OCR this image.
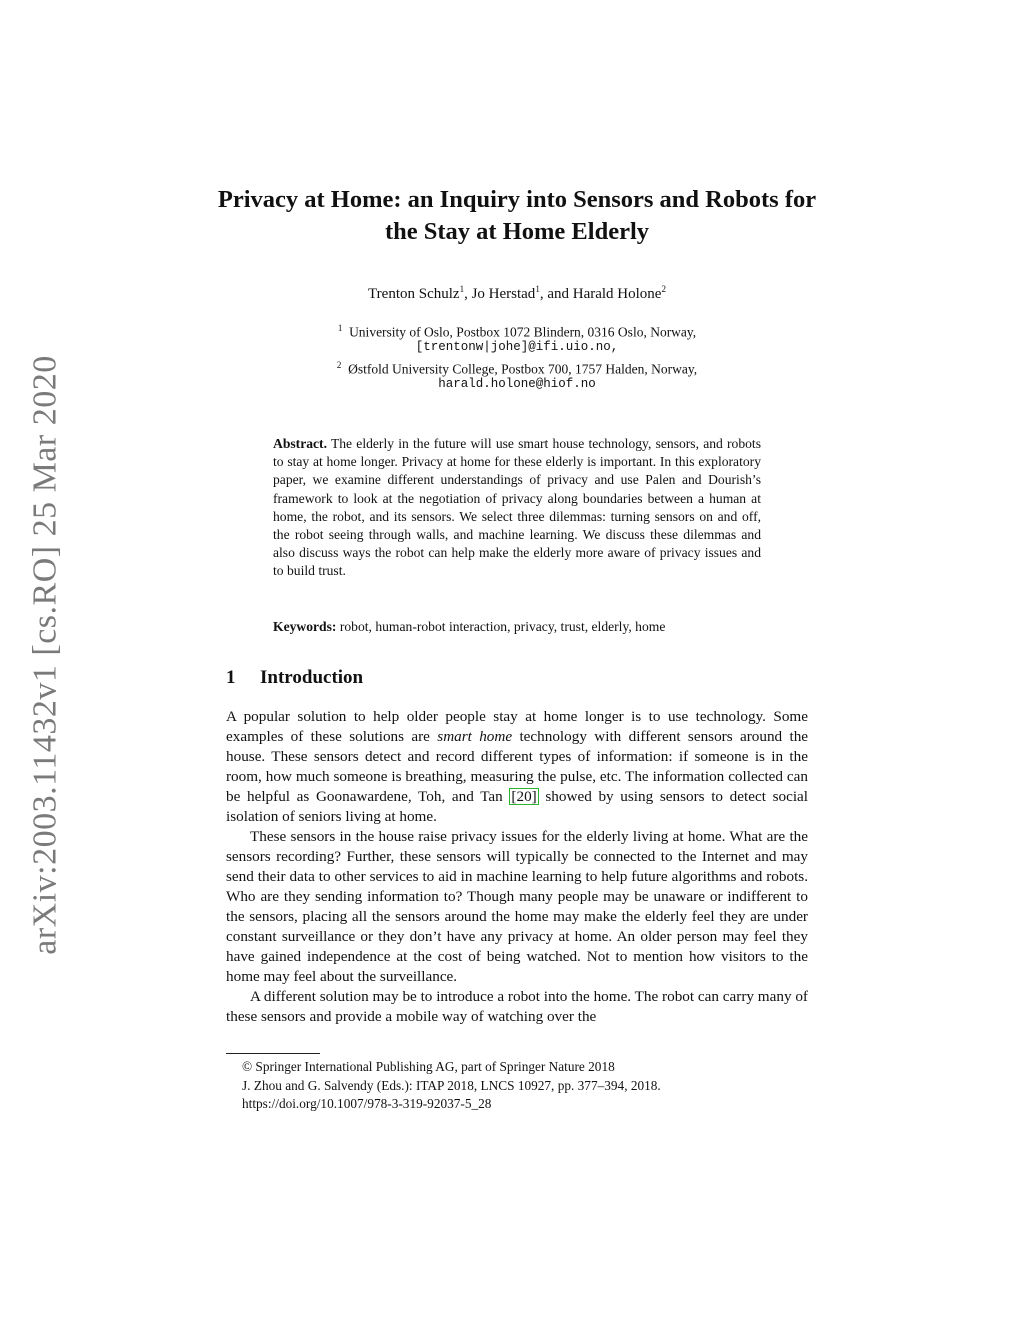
arXiv:2003.11432v1 [cs.RO] 25 Mar 2020
Privacy at Home: an Inquiry into Sensors and Robots for the Stay at Home Elderly
Trenton Schulz$^1$, Jo Herstad$^1$, and Harald Holone$^2$
$^1$ University of Oslo, Postbox 1072 Blindern, 0316 Oslo, Norway,
[trentonw|johe]@ifi.uio.no,
$^2$ Østfold University College, Postbox 700, 1757 Halden, Norway,
harald.holone@hiof.no

Abstract. The elderly in the future will use smart house technology, sensors, and robots to stay at home longer. Privacy at home for these elderly is important. In this exploratory paper, we examine different understandings of privacy and use Palen and Dourish’s framework to look at the negotiation of privacy along boundaries between a human at home, the robot, and its sensors. We select three dilemmas: turning sensors on and off, the robot seeing through walls, and machine learning. We discuss these dilemmas and also discuss ways the robot can help make the elderly more aware of privacy issues and to build trust.

Keywords: robot, human-robot interaction, privacy, trust, elderly, home

1 Introduction

A popular solution to help older people stay at home longer is to use technology. Some examples of these solutions are smart home technology with different sensors around the house. These sensors detect and record different types of information: if someone is in the room, how much someone is breathing, measuring the pulse, etc. The information collected can be helpful as Goonawardene, Toh, and Tan [20] showed by using sensors to detect social isolation of seniors living at home.

These sensors in the house raise privacy issues for the elderly living at home. What are the sensors recording? Further, these sensors will typically be connected to the Internet and may send their data to other services to aid in machine learning to help future algorithms and robots. Who are they sending information to? Though many people may be unaware or indifferent to the sensors, placing all the sensors around the home may make the elderly feel they are under constant surveillance or they don’t have any privacy at home. An older person may feel they have gained independence at the cost of being watched. Not to mention how visitors to the home may feel about the surveillance.

A different solution may be to introduce a robot into the home. The robot can carry many of these sensors and provide a mobile way of watching over the

© Springer International Publishing AG, part of Springer Nature 2018
J. Zhou and G. Salvendy (Eds.): ITAP 2018, LNCS 10927, pp. 377–394, 2018.
https://doi.org/10.1007/978-3-319-92037-5_28
